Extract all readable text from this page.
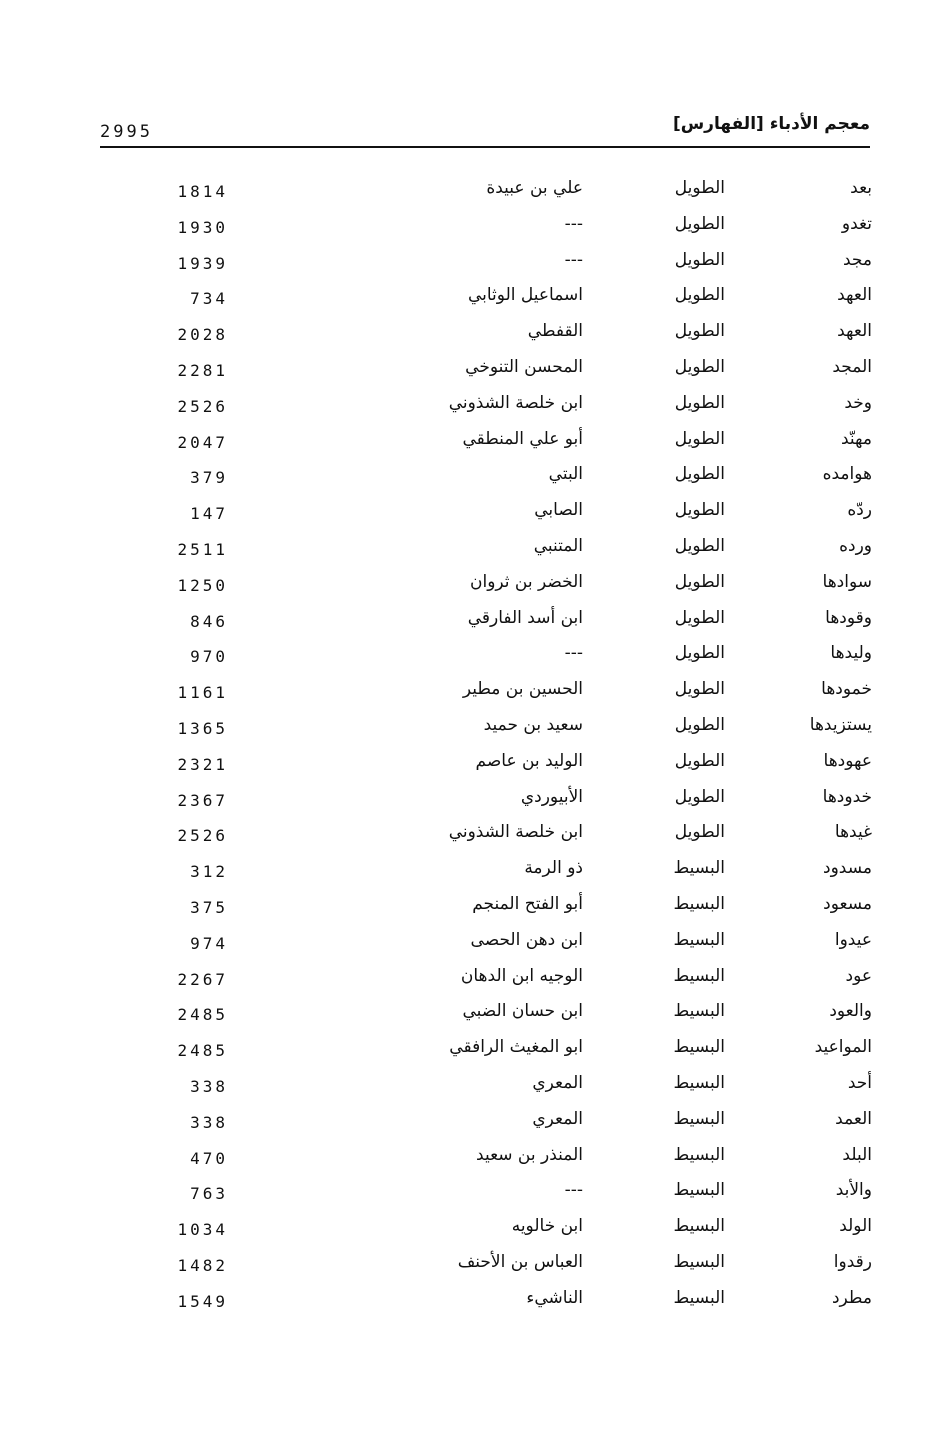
معجم الأدباء [الفهارس]
2995
بعد
الطويل
علي بن عبيدة
1814
تغدو
الطويل
---
1930
مجد
الطويل
---
1939
العهد
الطويل
اسماعيل الوثابي
734
العهد
الطويل
القفطي
2028
المجد
الطويل
المحسن التنوخي
2281
وخد
الطويل
ابن خلصة الشذوني
2526
مهنّد
الطويل
أبو علي المنطقي
2047
هوامده
الطويل
البتي
379
ردّه
الطويل
الصابي
147
ورده
الطويل
المتنبي
2511
سوادها
الطويل
الخضر بن ثروان
1250
وقودها
الطويل
ابن أسد الفارقي
846
وليدها
الطويل
---
970
خمودها
الطويل
الحسين بن مطير
1161
يستزيدها
الطويل
سعيد بن حميد
1365
عهودها
الطويل
الوليد بن عاصم
2321
خدودها
الطويل
الأبيوردي
2367
غيدها
الطويل
ابن خلصة الشذوني
2526
مسدود
البسيط
ذو الرمة
312
مسعود
البسيط
أبو الفتح المنجم
375
عيدوا
البسيط
ابن دهن الحصى
974
عود
البسيط
الوجيه ابن الدهان
2267
والعود
البسيط
ابن حسان الضبي
2485
المواعيد
البسيط
ابو المغيث الرافقي
2485
أحد
البسيط
المعري
338
العمد
البسيط
المعري
338
البلد
البسيط
المنذر بن سعيد
470
والأبد
البسيط
---
763
الولد
البسيط
ابن خالويه
1034
رقدوا
البسيط
العباس بن الأحنف
1482
مطرد
البسيط
الناشيء
1549
